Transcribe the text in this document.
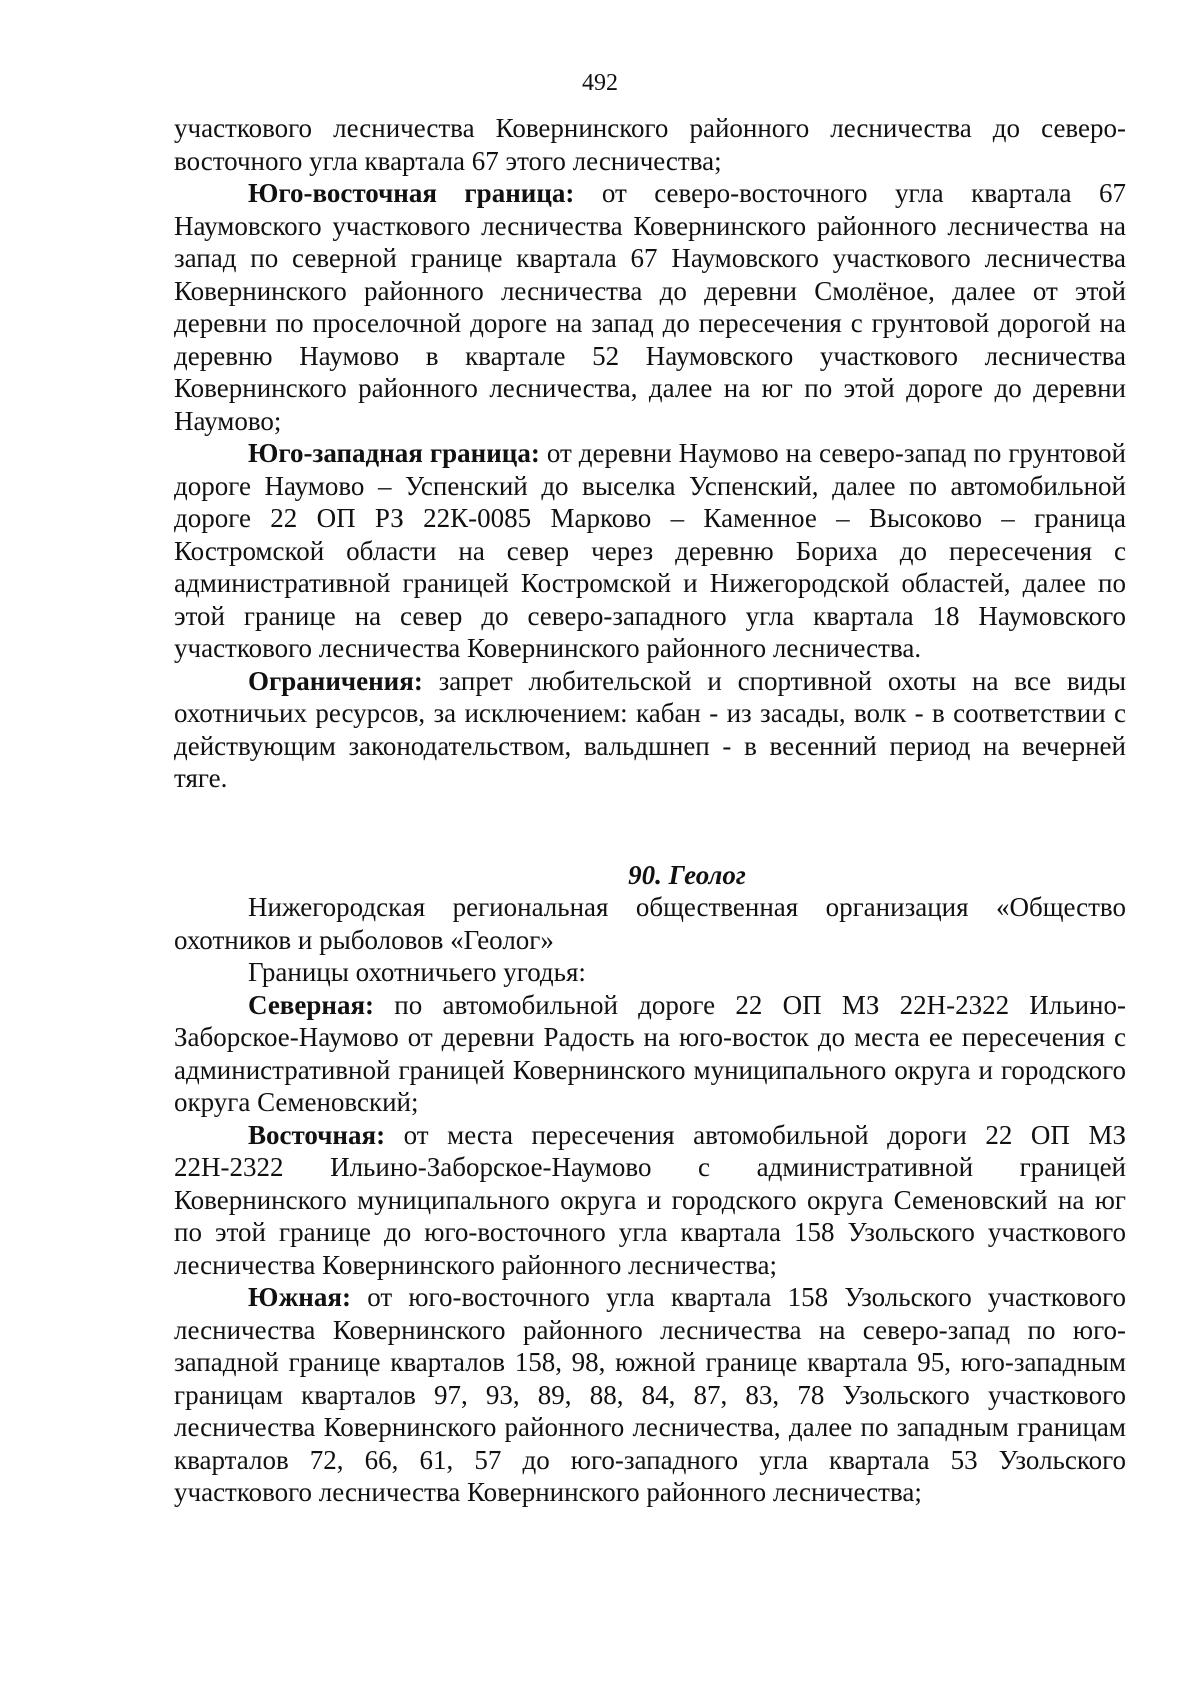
492

участкового лесничества Ковернинского районного лесничества до северо-восточного угла квартала 67 этого лесничества;

Юго-восточная граница: от северо-восточного угла квартала 67 Наумовского участкового лесничества Ковернинского районного лесничества на запад по северной границе квартала 67 Наумовского участкового лесничества Ковернинского районного лесничества до деревни Смолёное, далее от этой деревни по проселочной дороге на запад до пересечения с грунтовой дорогой на деревню Наумово в квартале 52 Наумовского участкового лесничества Ковернинского районного лесничества, далее на юг по этой дороге до деревни Наумово;

Юго-западная граница: от деревни Наумово на северо-запад по грунтовой дороге Наумово – Успенский до выселка Успенский, далее по автомобильной дороге 22 ОП РЗ 22К-0085 Марково – Каменное – Высоково – граница Костромской области на север через деревню Бориха до пересечения с административной границей Костромской и Нижегородской областей, далее по этой границе на север до северо-западного угла квартала 18 Наумовского участкового лесничества Ковернинского районного лесничества.

Ограничения: запрет любительской и спортивной охоты на все виды охотничьих ресурсов, за исключением: кабан - из засады, волк - в соответствии с действующим законодательством, вальдшнеп - в весенний период на вечерней тяге.

90. Геолог

Нижегородская региональная общественная организация «Общество охотников и рыболовов «Геолог»

Границы охотничьего угодья:

Северная: по автомобильной дороге 22 ОП МЗ 22Н-2322 Ильино-Заборское-Наумово от деревни Радость на юго-восток до места ее пересечения с административной границей Ковернинского муниципального округа и городского округа Семеновский;

Восточная: от места пересечения автомобильной дороги 22 ОП МЗ 22Н-2322 Ильино-Заборское-Наумово с административной границей Ковернинского муниципального округа и городского округа Семеновский на юг по этой границе до юго-восточного угла квартала 158 Узольского участкового лесничества Ковернинского районного лесничества;

Южная: от юго-восточного угла квартала 158 Узольского участкового лесничества Ковернинского районного лесничества на северо-запад по юго-западной границе кварталов 158, 98, южной границе квартала 95, юго-западным границам кварталов 97, 93, 89, 88, 84, 87, 83, 78 Узольского участкового лесничества Ковернинского районного лесничества, далее по западным границам кварталов 72, 66, 61, 57 до юго-западного угла квартала 53 Узольского участкового лесничества Ковернинского районного лесничества;
